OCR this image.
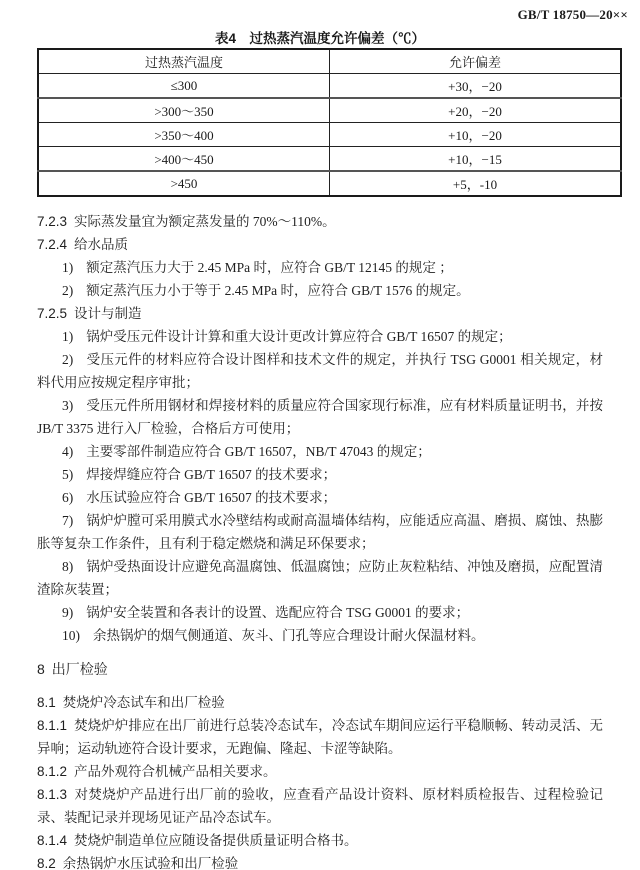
GB/T 18750—20××
表4　过热蒸汽温度允许偏差（℃）
过热蒸汽温度	允许偏差
≤300	+30，−20
>300～350	+20，−20
>350～400	+10，−20
>400～450	+10，−15
>450	+5，-10

7.2.3 实际蒸发量宜为额定蒸发量的 70%～110%。

7.2.4 给水品质

1) 额定蒸汽压力大于 2.45 MPa 时，应符合 GB/T 12145 的规定 ；

2) 额定蒸汽压力小于等于 2.45 MPa 时，应符合 GB/T 1576 的规定。

7.2.5 设计与制造

1) 锅炉受压元件设计计算和重大设计更改计算应符合 GB/T 16507 的规定；

2) 受压元件的材料应符合设计图样和技术文件的规定，并执行 TSG G0001 相关规定，材料代用应按规定程序审批；

3) 受压元件所用钢材和焊接材料的质量应符合国家现行标准，应有材料质量证明书，并按 JB/T 3375 进行入厂检验，合格后方可使用；

4) 主要零部件制造应符合 GB/T 16507，NB/T 47043 的规定；

5) 焊接焊缝应符合 GB/T 16507 的技术要求；

6) 水压试验应符合 GB/T 16507 的技术要求；

7) 锅炉炉膛可采用膜式水冷壁结构或耐高温墙体结构，应能适应高温、磨损、腐蚀、热膨胀等复杂工作条件，且有利于稳定燃烧和满足环保要求；

8) 锅炉受热面设计应避免高温腐蚀、低温腐蚀；应防止灰粒粘结、冲蚀及磨损，应配置清渣除灰装置；

9) 锅炉安全装置和各表计的设置、选配应符合 TSG G0001 的要求；

10) 余热锅炉的烟气侧通道、灰斗、门孔等应合理设计耐火保温材料。

8 出厂检验

8.1 焚烧炉冷态试车和出厂检验

8.1.1 焚烧炉炉排应在出厂前进行总装冷态试车，冷态试车期间应运行平稳顺畅、转动灵活、无异响；运动轨迹符合设计要求，无跑偏、隆起、卡涩等缺陷。

8.1.2 产品外观符合机械产品相关要求。

8.1.3 对焚烧炉产品进行出厂前的验收，应查看产品设计资料、原材料质检报告、过程检验记录、装配记录并现场见证产品冷态试车。

8.1.4 焚烧炉制造单位应随设备提供质量证明合格书。

8.2 余热锅炉水压试验和出厂检验
